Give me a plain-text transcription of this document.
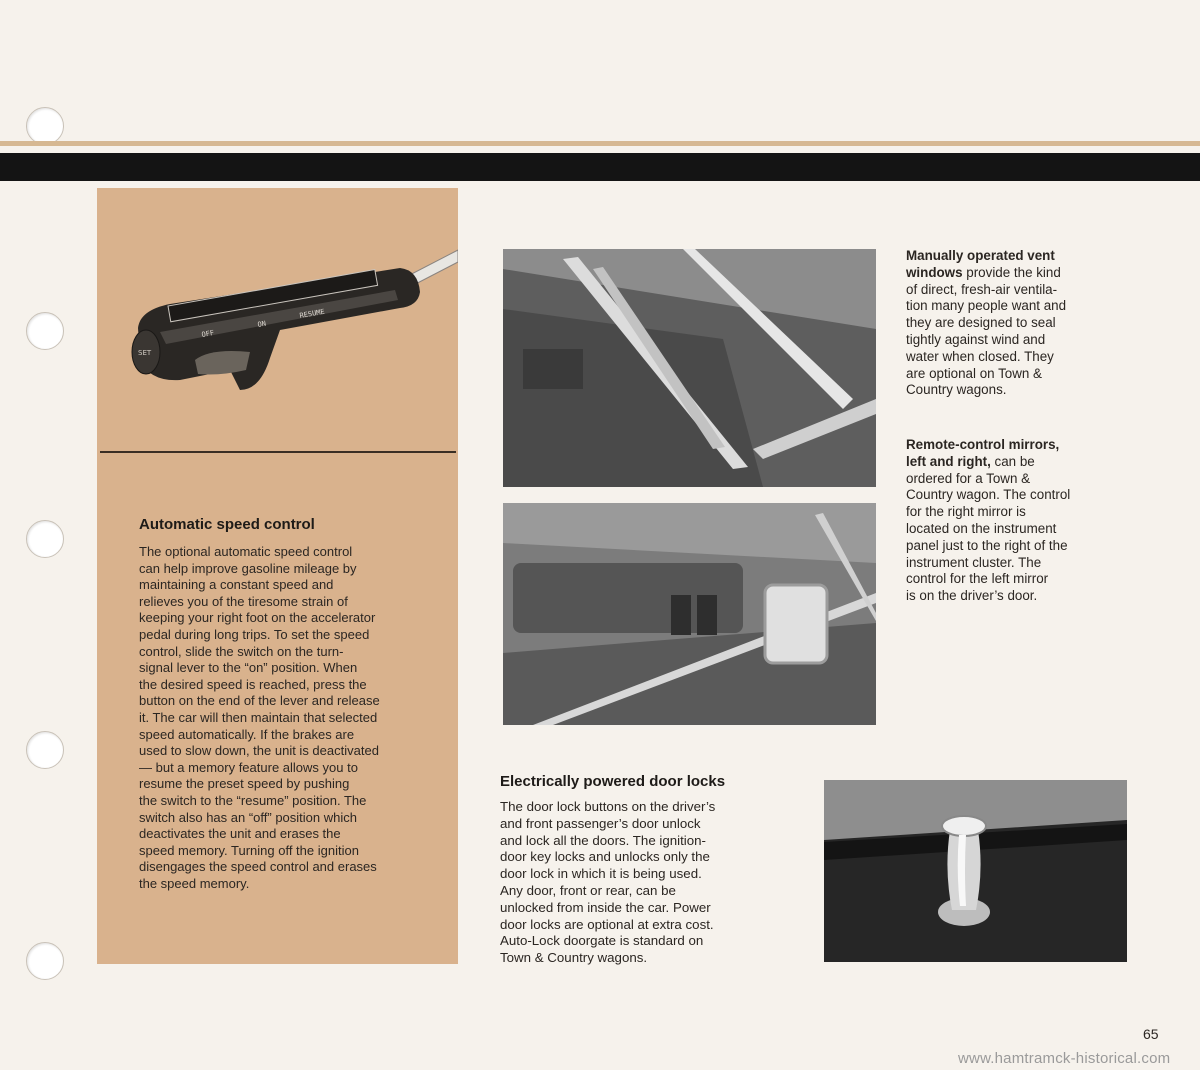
OFF
ON
RESUME
SET
Automatic speed control
The optional automatic speed control
can help improve gasoline mileage by
maintaining a constant speed and
relieves you of the tiresome strain of
keeping your right foot on the accelerator
pedal during long trips. To set the speed
control, slide the switch on the turn-
signal lever to the “on” position. When
the desired speed is reached, press the
button on the end of the lever and release
it. The car will then maintain that selected
speed automatically. If the brakes are
used to slow down, the unit is deactivated
— but a memory feature allows you to
resume the preset speed by pushing
the switch to the “resume” position. The
switch also has an “off” position which
deactivates the unit and erases the
speed memory. Turning off the ignition
disengages the speed control and erases
the speed memory.
Manually operated vent
windows provide the kind
of direct, fresh-air ventila-
tion many people want and
they are designed to seal
tightly against wind and
water when closed. They
are optional on Town &
Country wagons.
Remote-control mirrors,
left and right, can be
ordered for a Town &
Country wagon. The control
for the right mirror is
located on the instrument
panel just to the right of the
instrument cluster. The
control for the left mirror
is on the driver’s door.
Electrically powered door locks
The door lock buttons on the driver’s
and front passenger’s door unlock
and lock all the doors. The ignition-
door key locks and unlocks only the
door lock in which it is being used.
Any door, front or rear, can be
unlocked from inside the car. Power
door locks are optional at extra cost.
Auto-Lock doorgate is standard on
Town & Country wagons.
65
www.hamtramck-historical.com
